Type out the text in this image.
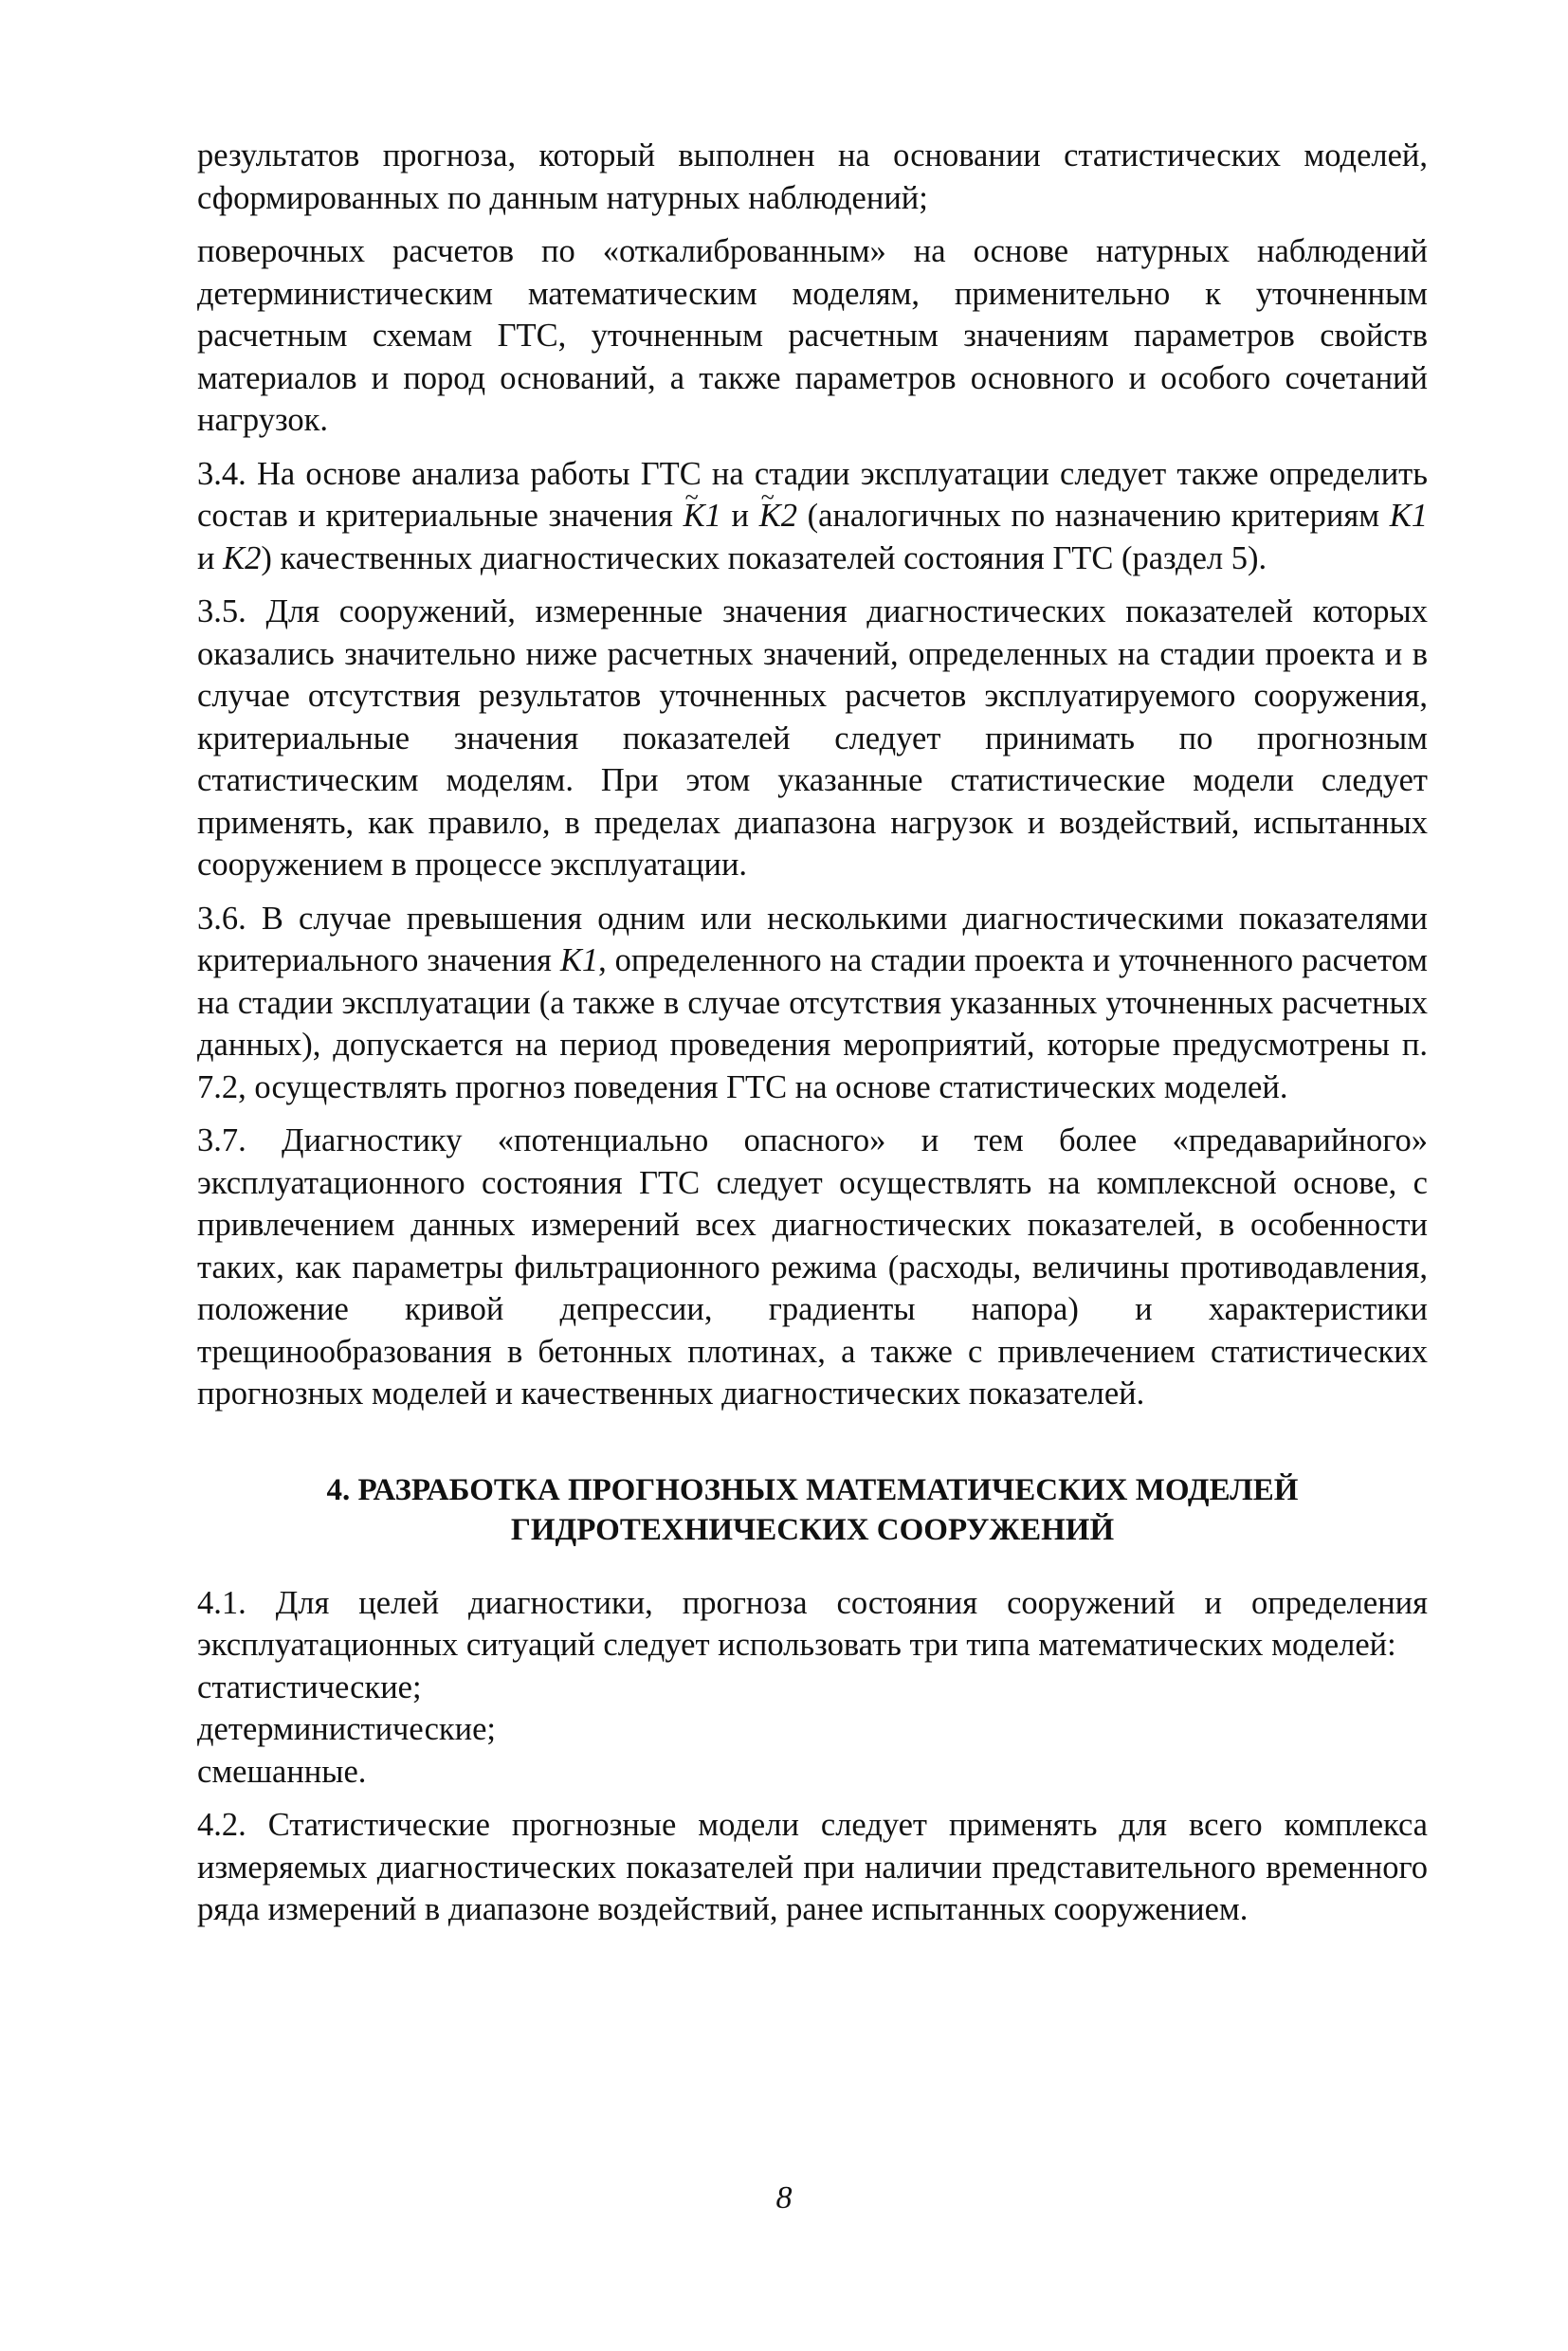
результатов прогноза, который выполнен на основании статистических моделей, сформированных по данным натурных наблюдений;

поверочных расчетов по «откалиброванным» на основе натурных наблюдений детерминистическим математическим моделям, применительно к уточненным расчетным схемам ГТС, уточненным расчетным значениям параметров свойств материалов и пород оснований, а также параметров основного и особого сочетаний нагрузок.

3.4. На основе анализа работы ГТС на стадии эксплуатации следует также определить состав и критериальные значения ~ K1 и ~ K2 (аналогичных по назначению критериям K1 и K2) качественных диагностических показателей состояния ГТС (раздел 5).

3.5. Для сооружений, измеренные значения диагностических показателей которых оказались значительно ниже расчетных значений, определенных на стадии проекта и в случае отсутствия результатов уточненных расчетов эксплуатируемого сооружения, критериальные значения показателей следует принимать по прогнозным статистическим моделям. При этом указанные статистические модели следует применять, как правило, в пределах диапазона нагрузок и воздействий, испытанных сооружением в процессе эксплуатации.

3.6. В случае превышения одним или несколькими диагностическими показателями критериального значения K1, определенного на стадии проекта и уточненного расчетом на стадии эксплуатации (а также в случае отсутствия указанных уточненных расчетных данных), допускается на период проведения мероприятий, которые предусмотрены п. 7.2, осуществлять прогноз поведения ГТС на основе статистических моделей.

3.7. Диагностику «потенциально опасного» и тем более «предаварийного» эксплуатационного состояния ГТС следует осуществлять на комплексной основе, с привлечением данных измерений всех диагностических показателей, в особенности таких, как параметры фильтрационного режима (расходы, величины противодавления, положение кривой депрессии, градиенты напора) и характеристики трещинообразования в бетонных плотинах, а также с привлечением статистических прогнозных моделей и качественных диагностических показателей.

4. РАЗРАБОТКА ПРОГНОЗНЫХ МАТЕМАТИЧЕСКИХ МОДЕЛЕЙ
ГИДРОТЕХНИЧЕСКИХ СООРУЖЕНИЙ

4.1. Для целей диагностики, прогноза состояния сооружений и определения эксплуатационных ситуаций следует использовать три типа математических моделей:

статистические;
детерминистические;
смешанные.

4.2. Статистические прогнозные модели следует применять для всего комплекса измеряемых диагностических показателей при наличии представительного временного ряда измерений в диапазоне воздействий, ранее испытанных сооружением.

8
